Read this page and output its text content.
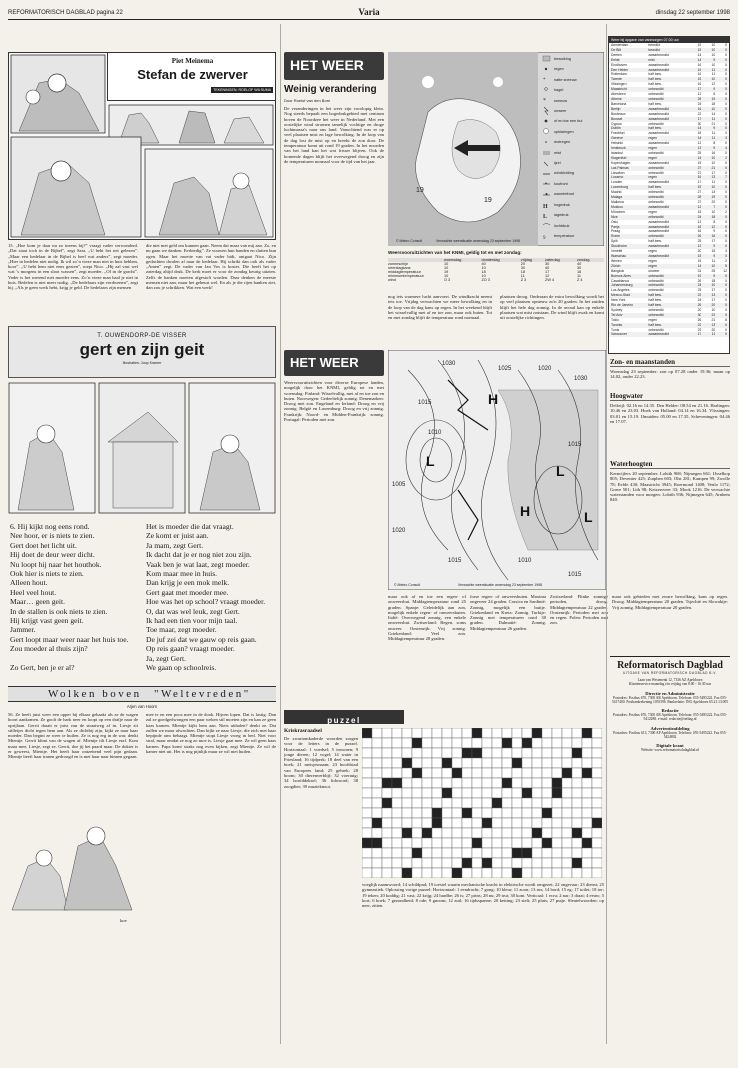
REFORMATORISCH DAGBLAD pagina 22	Varia	dinsdag 22 september 1998
Piet Meinema
Stefan de zwerver
TEKENINGEN: ROELOF WILSUMA
15. „Hoe kom je daar nu zo ineens bij?” vraagt vader verwonderd. „Dat staat toch in de Bijbel”, zegt Sara. „U hebt het net gelezen”. „Maar een bedelaar in de Bijbel is heel wat anders”, zegt moeder. „Hier in bedelen niet nodig. Ik wil zo’n vieze man niet in huis hebben, hoor”. „U hebt hem niet eens gezien”, roept Nico. „Hij zal vast wel wat ’s morgens in een sloot wassen”, zegt moeder. „Of in de gracht”. Vader is het roerend met moeder eens. Zo’n vieze man haal je niet in huis. Bedelen is niet meer nodig. „De bedelaars zijn verdwenen”, zegt hij. „Als je geen werk hebt, krijg je geld. De bedelaars zijn mensen
die niet met geld om kunnen gaan. Neem dat maar van mij aan. Zo, en nu gaan we danken. Eerbiedig”. Ze vouwen hun handen en sluiten hun ogen. Maar het moeite van vat vader bidt, ontgaat Nico. Zijn gedachten dwalen af naar de bedelaar. Hij schrikt dan ook als vader „Amen” zegt. De vader van Jan Vos is koster. Die heeft het op zaterdag altijd druk. De kerk moet er voor de zondag keurig uitzien. Zelfs de banken moeten afgestoft worden. Daar denken de meeste mensen niet aan, maar het gebeurt wel. En als je die rijen banken ziet, dan zou je schrikken. Wat een werk!
T. OUWENDORP-DE VISSER
gert en zijn geit
Illustraties: Joop Kramer
6. Hij kijkt nog eens rond.
Nee hoor, er is niets te zien.
Gert doet het licht uit.
Hij doet de deur weer dicht.
Nu loopt hij naar het houthok.
Ook hier is niets te zien.
Alleen hout.
Heel veel hout.
Maar… geen geit.
In de stallen is ook niets te zien.
Hij krijgt vast geen geit.
Jammer.
Gert loopt maar weer naar het huis toe.
Zou moeder al thuis zijn?
Zo Gert, ben je er al?
Het is moeder die dat vraagt.
Ze komt er juist aan.
Ja mam, zegt Gert.
Ik dacht dat je er nog niet zou zijn.
Vaak ben je wat laat, zegt moeder.
Kom maar mee in huis.
Dan krijg je een mok melk.
Gert gaat met moeder mee.
Hoe was het op school? vraagt moeder.
O, dat was wel leuk, zegt Gert.
Ik had een tien voor mijn taal.
Toe maar, zegt moeder.
De juf zei dat we gauw op reis gaan.
Op reis gaan? vraagt moeder.
Ja, zegt Gert.
We gaan op schoolreis.
Wolken boven "Weltevreden"
Arjen van Hoorn
56. Ze heeft juist weer een opper bij elkaar gehaakt als ze de wagen hoort aankomen. Ze goolt de hark neer en loopt op een drafje naar de oprijlaan. Gerrit draait er juist van de straatweg af in. Liesje zit stilletjes dicht tegen hem aan. Als ze dichtbij zijn, kijkt ze naar haar moeder. Dan begint ze weer te huilen. Ze is nog erg in de war, denkt Mientje. Gerrit klimt van de wagen af. Mientje tilt Liesje eraf. Kom maar mee, Liesje, zegt ze. Gerrit, doe jij het paard maar. De dokter is er geweest, Mientje. Het heeft haar ontzettend veel pijn gedaan. Mientje heeft haar tranen gedroogd en is met haar naar binnen gegaan.
mee te en een poos mee in de dook. Hijven lopen. Dat is lastig. Dan zal ze goedgedwongen een paar weken stil moeten zijn en kan ze geen kaas karnen. Mientje kijkt hem aan. Niets uithalen? denkt ze. Dat zullen we maar afwachten. Dan kijkt ze naar Liesje, die zich met haar bepijnde arm behaagt. Mientje stopt Liesje vroeg in bed. Niet voor straf, maar omdat ze nog zo moe is. Liesje gaat mee. Ze wil geen kaas karnen. Papa komt straks nog even kijken, zegt Mientje. Ze wil de kamer niet uit. Het is nog pijnlijk maar ze wil niet huilen.
koe
HET WEER
Weinig verandering
Door Roelof van den Born
De veranderingen in het weer zijn voorlopig klein. Nog steeds bepaalt een hogedrukgebied met centrum boven de Noordzee het weer in Nederland. Met een oostelijke wind stromen tamelijk vochtige en droge luchtmassa's naar ons land. Vanochtend was er op veel plaatsen mist en lage bewolking. In de loop van de dag lost de mist op en breekt de zon door. De temperatuur komt uit rond 19 graden. In het noorden van het land kan het wat frisser blijven. Ook de komende dagen blijft het overwegend droog en zijn de temperaturen normaal voor de tijd van het jaar.
19
19
© Meteo Consult	Verwachte weersituatie woensdag 23 september 1998
bewolking
regen
natte sneeuw
hagel
sneeuw
onweer
of en toe een bui
opklaringen
motregen
mist
ijzel
windrichting
koufront
warmtefront
hogedruk
lagedruk
luchtdruk
temperatuur
*
*
H
L
9
Weersvooruitzichten van het KNMI, geldig tot en met zondag:
	woensdag	donderdag	vrijdag	zaterdag	zondag
zonneschijn	10	40	20	30	40
neerslagkans	10	10	30	40	30
middagtemperatuur	19	18	18	17	16
minimumtemperatuur	10	10	11	12	11
wind	O 3	ZO 3	Z 3	ZW 4	Z 4
nog iets warmere lucht aanvoert. De windkracht neemt iets toe. Vrijdag verwachten we meer bewolking en in de loop van de dag kans op regen. In het weekend blijft het wisselvallig met af en toe zon, maar ook buien. Tot en met zondag blijft de temperatuur rond normaal.
plaatsen droog. Onderaan de extra bewolking wordt het op veel plaatsen opnieuw zo'n 20 graden. In het zuiden blijft het hele dag zonnig. In de avond kan op enkele plaatsen wat mist ontstaan. De wind blijft zwak en komt uit oostelijke richtingen.
HET WEER
Weersvooruitzichten voor diverse Europese landen, mogelijk door het KNMI, geldig tot en met woensdag: Finland: Wisselvallig, met af en toe zon en buien. Noorwegen: Gedeeltelijk zonnig. Denemarken: Droog met zon. Engeland en Ierland: Droog en vrij zonnig. België en Luxemburg: Droog en vrij zonnig. Frankrijk: Noord- en Midden-Frankrijk: zonnig. Portugal: Perioden met zon.
1030
1025	1020
1015
1010
1005
1020
1015	1010
1030
1015
1015
H
L
L
H	L
© Meteo Consult	Verwachte weersituatie woensdag 23 september 1998
maar ook af en toe een regen- of onweersbui. Middagtemperatuur rond 25 graden. Spanje: Geleidelijk aan zon, mogelijk enkele regen- of onweersbuien. Italië: Overwegend zonnig, een enkele onweersbui. Zwitserland: Regen, soms onweer. Oostenrijk: Vrij zonnig. Griekenland: Veel zon. Middagtemperatuur 28 graden.
forse regen- of onweersbuien. Maxima ongeveer 24 graden. Corsica en Sardinië: Zonnig, mogelijk een buitje. Griekenland en Kreta: Zonnig. Turkije: Zonnig met temperaturen rond 30 graden. Dalmatië: Zonnig. Middagtemperatuur 26 graden.
Zwitserland: Flinke zonnige perioden, droog. Middagtemperatuur 22 graden. Oostenrijk: Perioden met zon en regen. Polen: Perioden met zon.
maar ook gebieden met zware bewolking, kans op regen. Droog. Middagtemperatuur 20 graden. Tsjechië en Slowakije: Vrij zonnig. Middagtemperatuur 20 graden.
Weer bij opgave van vanmorgen 07.00 uur
Amsterdam	bewolkt	15	10	0
De Bilt	bewolkt	15	10	0
Deelen	zwaarbewolkt	14	10	0
Eelde	mist	14	9	0
Eindhoven	zwaarbewolkt	16	10	0
Den Helder	zwaarbewolkt	15	11	0
Rotterdam	half bew.	16	11	0
Twente	half bew.	15	10	0
Vlissingen	half bew.	16	12	0
Maastricht	onbewolkt	17	9	0
Aberdeen	onbewolkt	12	6	0
Athene	onbewolkt	28	19	0
Barcelona	half bew.	24	18	0
Berlijn	zwaarbewolkt	16	10	0
Bordeaux	zwaarbewolkt	22	14	0
Brussel	zwaarbewolkt	17	11	0
Cyprus	onbewolkt	30	21	0
Dublin	half bew.	14	9	0
Frankfort	zwaarbewolkt	18	11	0
Genève	regen	14	11	3
Helsinki	zwaarbewolkt	12	8	0
Innsbruck	regen	13	9	4
Istanbul	onbewolkt	25	16	0
Klagenfurt	regen	14	10	2
Kopenhagen	zwaarbewolkt	15	10	0
Las Palmas	onbewolkt	27	21	0
Lissabon	onbewolkt	27	17	0
Locarno	regen	16	13	7
Londen	zwaarbewolkt	17	11	0
Luxemburg	half bew.	15	10	0
Madrid	onbewolkt	27	14	0
Malaga	onbewolkt	28	19	0
Mallorca	onbewolkt	27	20	0
Moskou	zwaarbewolkt	12	7	0
München	regen	15	10	2
Nice	onbewolkt	24	18	0
Oslo	zwaarbewolkt	13	8	0
Parijs	zwaarbewolkt	18	12	0
Praag	zwaarbewolkt	16	9	0
Rome	onbewolkt	26	16	0
Split	half bew.	25	17	0
Stockholm	zwaarbewolkt	13	9	0
Venetië	regen	20	15	3
Warschau	zwaarbewolkt	15	9	0
Wenen	regen	15	11	2
Zürich	regen	14	10	5
Bangkok	onweer	31	25	12
Buenos Aires	onbewolkt	19	9	0
Casablanca	onbewolkt	26	18	0
Johannesburg	onbewolkt	24	10	0
Los Angeles	onbewolkt	25	17	0
Mexico-Stad	half bew.	23	13	0
New York	half bew.	24	17	0
Rio de Janeiro	half bew.	26	20	0
Sydney	onbewolkt	20	10	0
Tel Aviv	onbewolkt	30	22	0
Tokio	regen	26	21	8
Toronto	half bew.	22	13	0
Tunis	onbewolkt	29	20	0
Vancouver	zwaarbewolkt	17	11	0
Zon- en maanstanden
Woensdag 23 september: zon op 07.28 onder 19.36; maan op 14.02, onder 22.23.
Hoogwater
Delfzijl: 02.16 en 14.35. Den Helder: 08.54 en 21.16. Harlingen: 10.46 en 23.03. Hoek van Holland: 04.14 en 16.34. Vlissingen: 03.01 en 15.19. IJmuiden: 05.00 en 17.35. Scheveningen: 04.46 en 17.07.
Waterhoogten
Kerncijfers 20 september: Lobith 968; Nijmegen 661; IJsselkop 805; Deventer 425; Zutphen 603; Olst 281; Kampen 99; Zwolle 78; Eefde 430; Maastricht 3945; Roermond 1408; Venlo 1172; Grave 501; Lith 98; Keizersveer 33; Mook 1216. De verwachte waterstanden voor morgen: Lobith 936; Nijmegen 645; Arnhem 840.
puzzel
Kriskrasraadsel
De zwartomkaderde woorden zorgen voor de letters in de puzzel. Horizontaal: 1 voedsel; 5 inwonen; 9 jonge dieren; 12 vogel; 14 water in Friesland; 16 tijdperk; 18 deel van een boek; 21 meisjesnaam; 23 hoofdstad van Europees land; 25 gebrek; 28 boom; 30 dierenverblijf; 32 voertuig; 34 hoofddeksel; 36 lidwoord; 38 zoogdier; 39 muzieknoot.
voeglijk naamwoord; 14 schildpad; 19 toestel waarin mechanische kracht in elektrische wordt omgezet; 22 ongevaar; 23 dienst; 25 gymnastiek. Oplossing vorige puzzel: Horizontaal: 1 eendracht; 7 gong; 10 kleur; 11 zoon; 13 rus; 14 bord; 15 eg; 17 toilet; 18 tor; 19 teken; 20 koddig; 21 vast; 22 krijg; 24 hardbe; 26 is; 27 prins; 28 nu; 29 trui; 30 kont. Verticaal: 1 ecru; 2 nar; 3 draai; 4 eeuw; 5 kort; 6 hoek; 7 gezondheid; 8 ode; 9 gnoom; 12 zuil; 16 tijdsspanne; 20 ketting; 23 stelt; 25 pluis; 27 putje. Sleutelwoorden: op neer, zitten.
Reformatorisch Dagblad
UITGAVE VAN REFORMATORISCH DAGBLAD B.V.
Laan van Westenenk 12, 7336 AZ Apeldoorn
Klantenservice maandag t/m vrijdag van 8.00 - 16.30 uur
Directie en Administratie
Postadres: Postbus 670, 7300 AR Apeldoorn. Telefoon: 055-5495222. Fax 055-5417400. Postbankrekening 1055396. Bankrelatie: ING Apeldoorn 65.21.13.005
Redactie
Postadres: Postbus 670, 7300 AR Apeldoorn. Telefoon: 055-5495222. Fax 055-5412288. e-mail: redactie@refdag.nl
Advertentieafdeling
Postadres: Postbus 613, 7300 AP Apeldoorn. Telefoon: 055-5495222. Fax 055-5424802
Digitale krant
Website: www.reformatorischdagblad.nl
